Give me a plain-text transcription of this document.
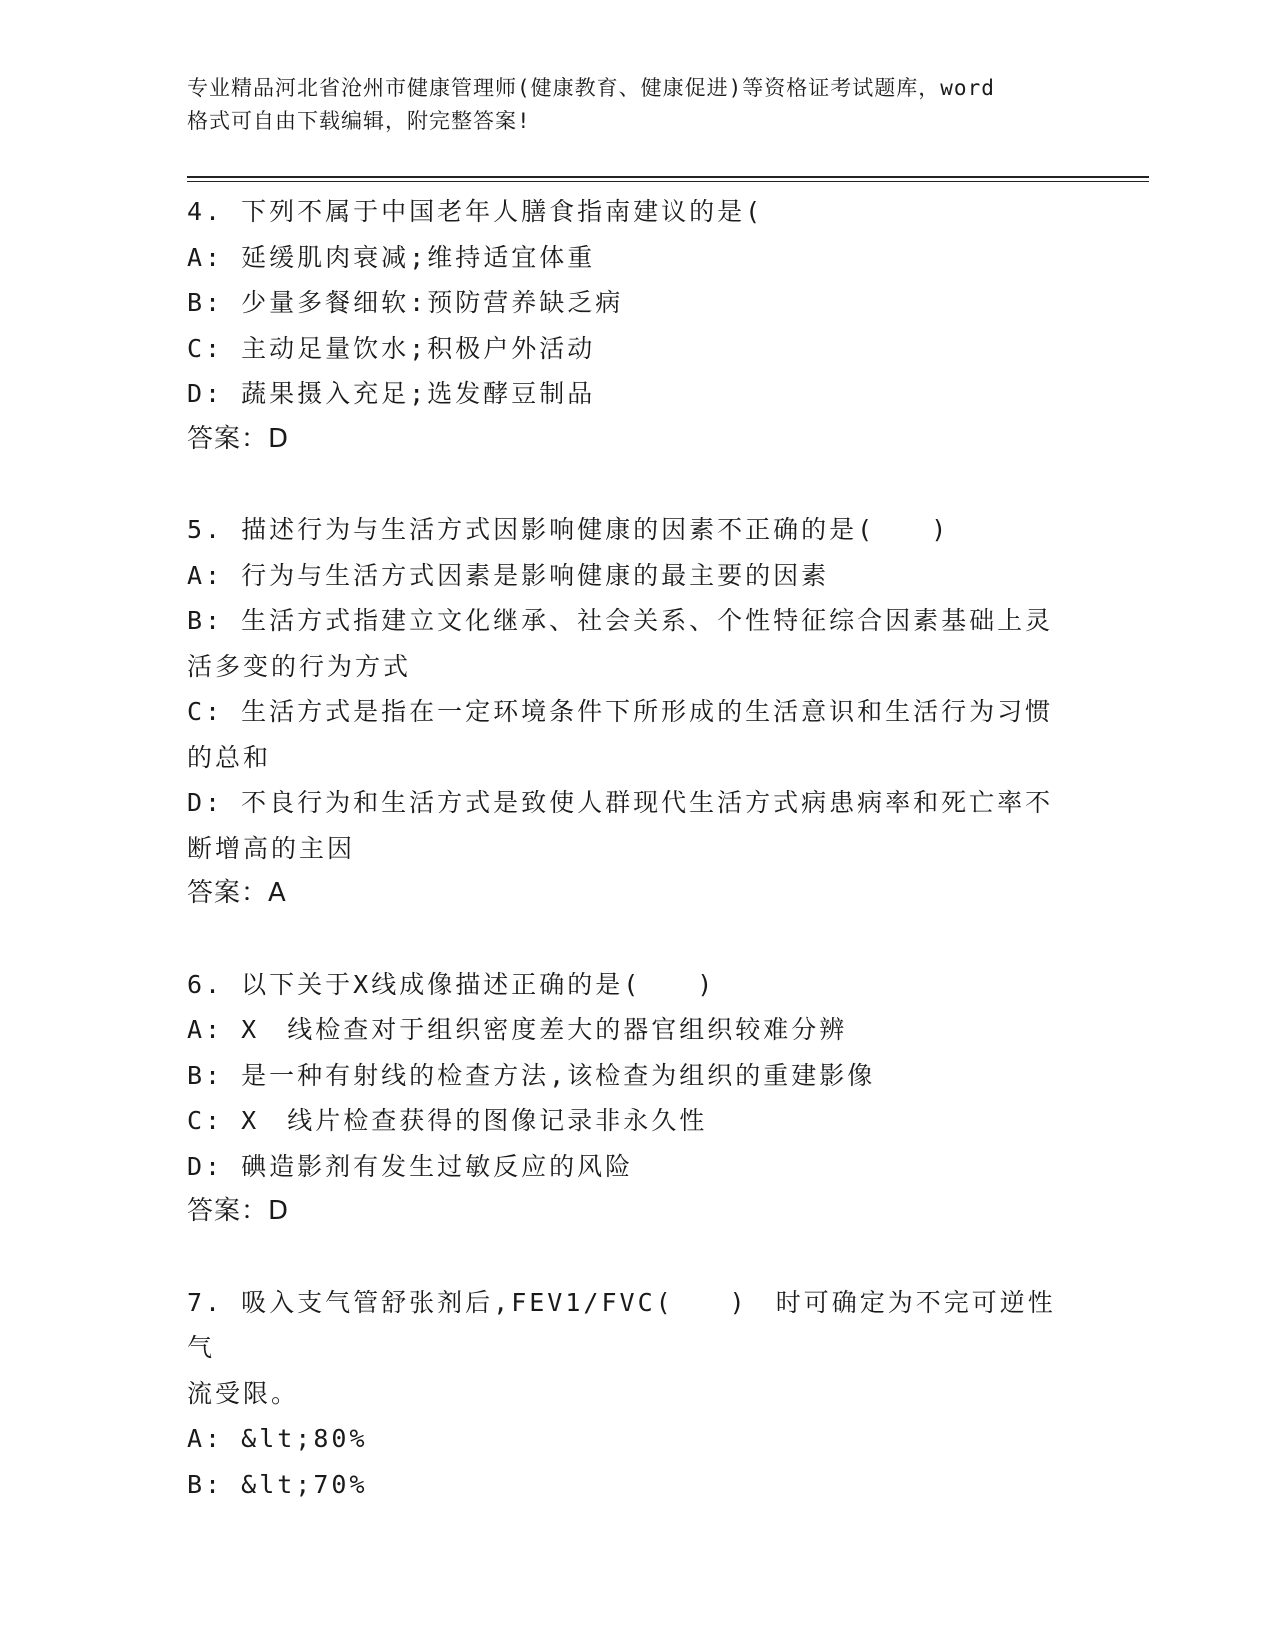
专业精品河北省沧州市健康管理师(健康教育、健康促进)等资格证考试题库，word
格式可自由下载编辑，附完整答案!
4. 下列不属于中国老年人膳食指南建议的是(
A: 延缓肌肉衰减;维持适宜体重
B: 少量多餐细软:预防营养缺乏病
C: 主动足量饮水;积极户外活动
D: 蔬果摄入充足;选发酵豆制品
答案：D
5. 描述行为与生活方式因影响健康的因素不正确的是(　　)
A: 行为与生活方式因素是影响健康的最主要的因素
B: 生活方式指建立文化继承、社会关系、个性特征综合因素基础上灵
活多变的行为方式
C: 生活方式是指在一定环境条件下所形成的生活意识和生活行为习惯
的总和
D: 不良行为和生活方式是致使人群现代生活方式病患病率和死亡率不
断增高的主因
答案：A
6. 以下关于X线成像描述正确的是(　　)
A: X　线检查对于组织密度差大的器官组织较难分辨
B: 是一种有射线的检查方法,该检查为组织的重建影像
C: X　线片检查获得的图像记录非永久性
D: 碘造影剂有发生过敏反应的风险
答案：D
7. 吸入支气管舒张剂后,FEV1/FVC(　　)　时可确定为不完可逆性气
流受限。
A: &lt;80%
B: &lt;70%
